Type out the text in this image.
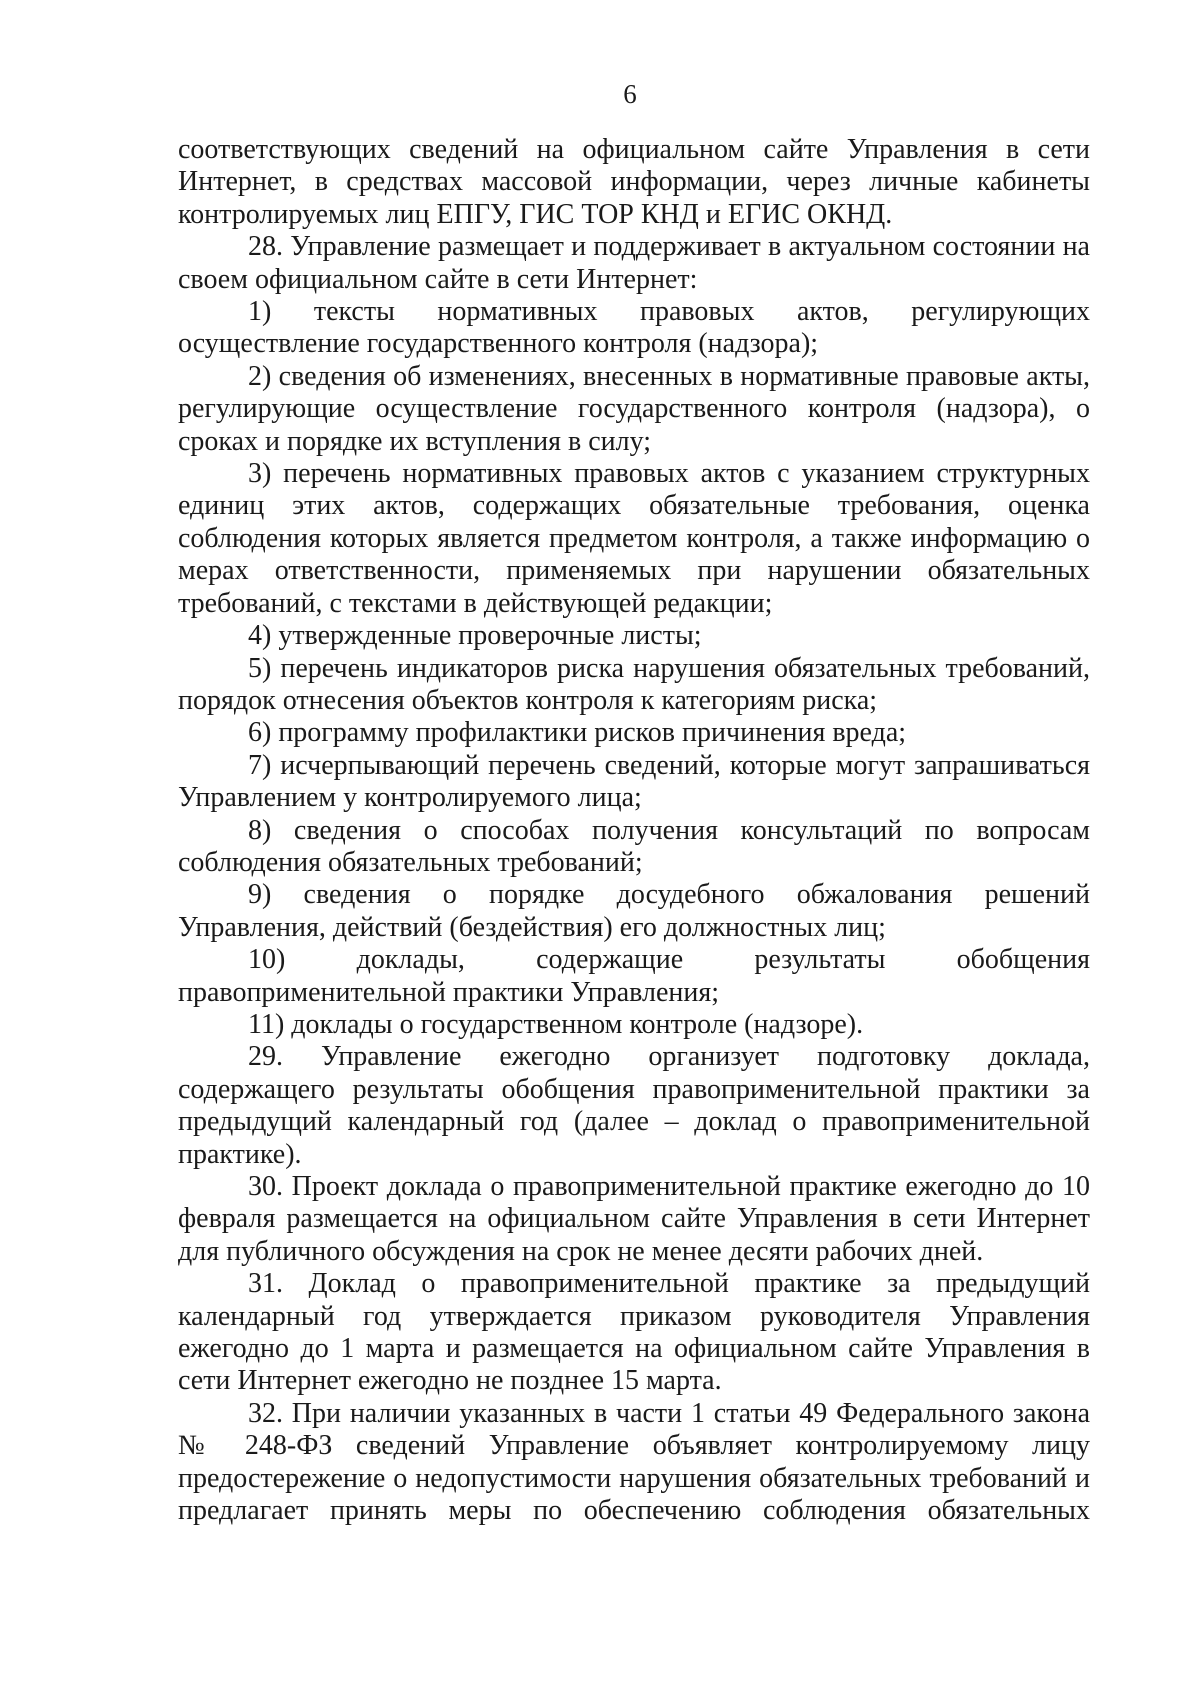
6

соответствующих сведений на официальном сайте Управления в сети Интернет, в средствах массовой информации, через личные кабинеты контролируемых лиц ЕПГУ, ГИС ТОР КНД и ЕГИС ОКНД.

28. Управление размещает и поддерживает в актуальном состоянии на своем официальном сайте в сети Интернет:

1) тексты нормативных правовых актов, регулирующих осуществление государственного контроля (надзора);

2) сведения об изменениях, внесенных в нормативные правовые акты, регулирующие осуществление государственного контроля (надзора), о сроках и порядке их вступления в силу;

3) перечень нормативных правовых актов с указанием структурных единиц этих актов, содержащих обязательные требования, оценка соблюдения которых является предметом контроля, а также информацию о мерах ответственности, применяемых при нарушении обязательных требований, с текстами в действующей редакции;

4) утвержденные проверочные листы;

5) перечень индикаторов риска нарушения обязательных требований, порядок отнесения объектов контроля к категориям риска;

6) программу профилактики рисков причинения вреда;

7) исчерпывающий перечень сведений, которые могут запрашиваться Управлением у контролируемого лица;

8) сведения о способах получения консультаций по вопросам соблюдения обязательных требований;

9) сведения о порядке досудебного обжалования решений Управления, действий (бездействия) его должностных лиц;

10) доклады, содержащие результаты обобщения правоприменительной практики Управления;

11) доклады о государственном контроле (надзоре).

29. Управление ежегодно организует подготовку доклада, содержащего результаты обобщения правоприменительной практики за предыдущий календарный год (далее – доклад о правоприменительной практике).

30. Проект доклада о правоприменительной практике ежегодно до 10 февраля размещается на официальном сайте Управления в сети Интернет для публичного обсуждения на срок не менее десяти рабочих дней.

31. Доклад о правоприменительной практике за предыдущий календарный год утверждается приказом руководителя Управления ежегодно до 1 марта и размещается на официальном сайте Управления в сети Интернет ежегодно не позднее 15 марта.

32. При наличии указанных в части 1 статьи 49 Федерального закона № 248-ФЗ сведений Управление объявляет контролируемому лицу предостережение о недопустимости нарушения обязательных требований и предлагает принять меры по обеспечению соблюдения обязательных
